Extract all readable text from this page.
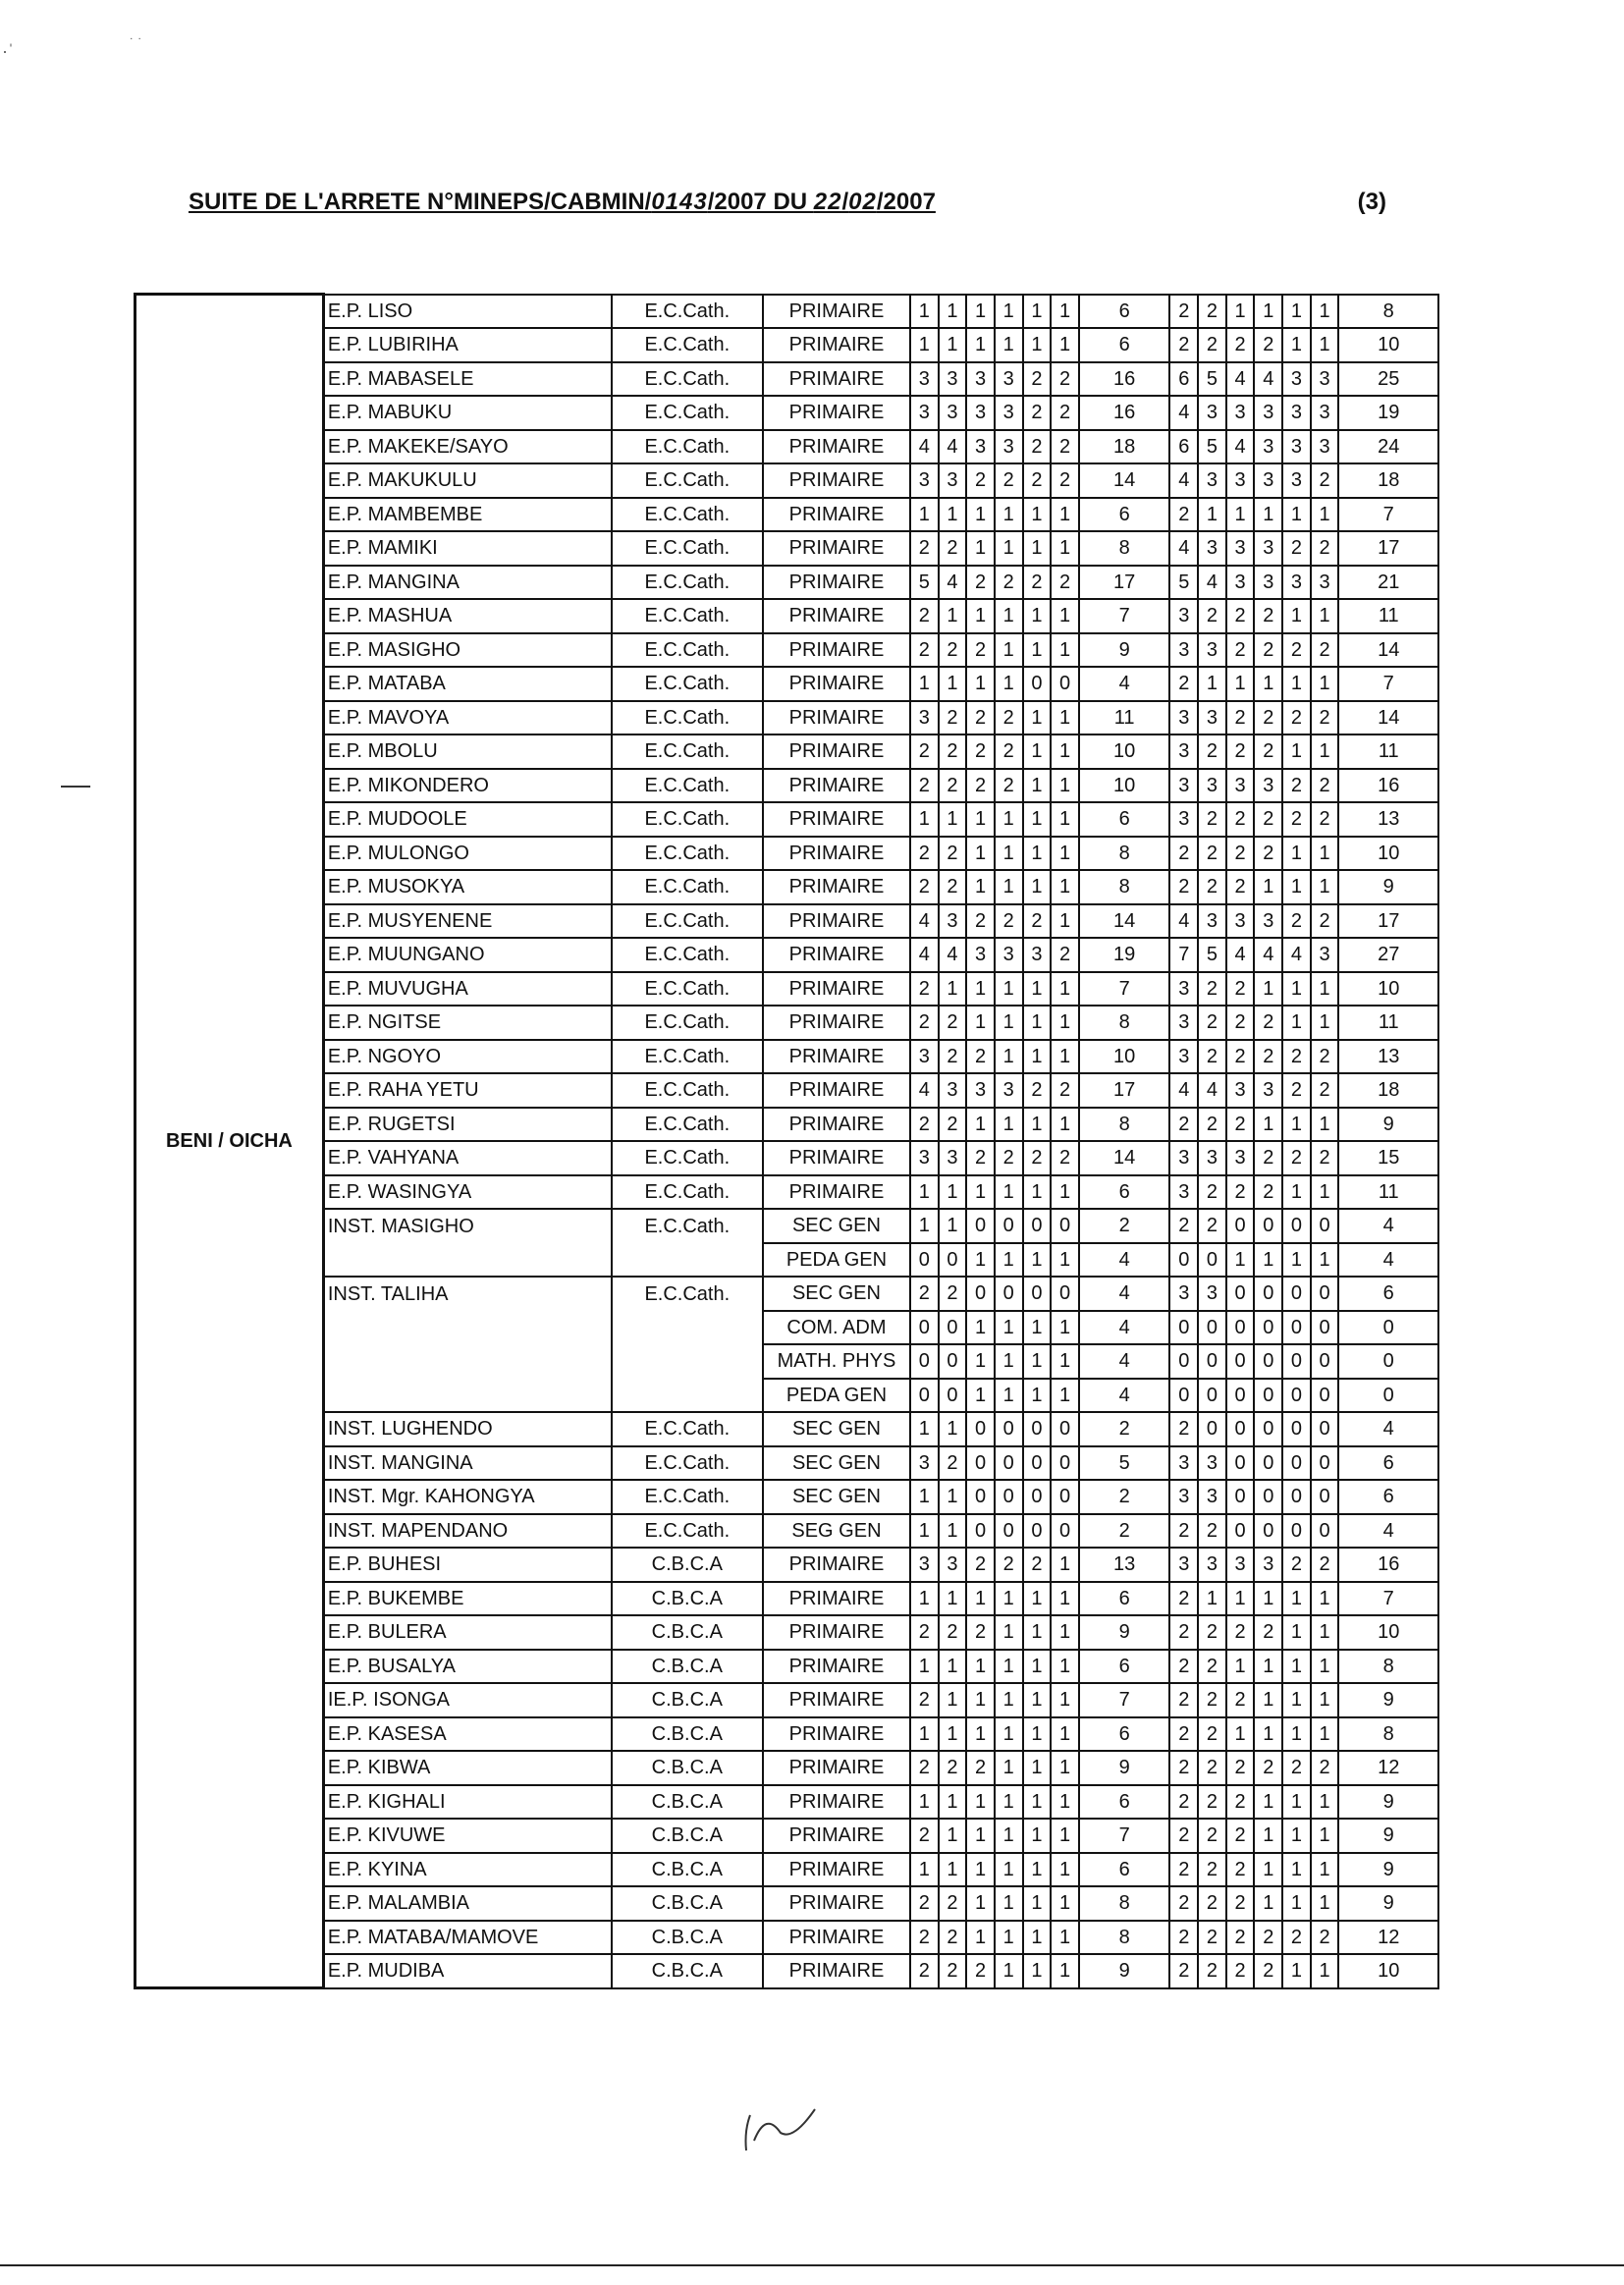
·ˈ	˙ ˙
SUITE DE L'ARRETE N°MINEPS/CABMIN/0143/2007 DU 22/02/2007	(3)
BENI / OICHA	E.P. LISO	E.C.Cath.	PRIMAIRE	1	1	1	1	1	1	6	2	2	1	1	1	1	8
	E.P. LUBIRIHA	E.C.Cath.	PRIMAIRE	1	1	1	1	1	1	6	2	2	2	2	1	1	10
	E.P. MABASELE	E.C.Cath.	PRIMAIRE	3	3	3	3	2	2	16	6	5	4	4	3	3	25
	E.P. MABUKU	E.C.Cath.	PRIMAIRE	3	3	3	3	2	2	16	4	3	3	3	3	3	19
	E.P. MAKEKE/SAYO	E.C.Cath.	PRIMAIRE	4	4	3	3	2	2	18	6	5	4	3	3	3	24
	E.P. MAKUKULU	E.C.Cath.	PRIMAIRE	3	3	2	2	2	2	14	4	3	3	3	3	2	18
	E.P. MAMBEMBE	E.C.Cath.	PRIMAIRE	1	1	1	1	1	1	6	2	1	1	1	1	1	7
	E.P. MAMIKI	E.C.Cath.	PRIMAIRE	2	2	1	1	1	1	8	4	3	3	3	2	2	17
	E.P. MANGINA	E.C.Cath.	PRIMAIRE	5	4	2	2	2	2	17	5	4	3	3	3	3	21
	E.P. MASHUA	E.C.Cath.	PRIMAIRE	2	1	1	1	1	1	7	3	2	2	2	1	1	11
	E.P. MASIGHO	E.C.Cath.	PRIMAIRE	2	2	2	1	1	1	9	3	3	2	2	2	2	14
	E.P. MATABA	E.C.Cath.	PRIMAIRE	1	1	1	1	0	0	4	2	1	1	1	1	1	7
	E.P. MAVOYA	E.C.Cath.	PRIMAIRE	3	2	2	2	1	1	11	3	3	2	2	2	2	14
	E.P. MBOLU	E.C.Cath.	PRIMAIRE	2	2	2	2	1	1	10	3	2	2	2	1	1	11
	E.P. MIKONDERO	E.C.Cath.	PRIMAIRE	2	2	2	2	1	1	10	3	3	3	3	2	2	16
	E.P. MUDOOLE	E.C.Cath.	PRIMAIRE	1	1	1	1	1	1	6	3	2	2	2	2	2	13
	E.P. MULONGO	E.C.Cath.	PRIMAIRE	2	2	1	1	1	1	8	2	2	2	2	1	1	10
	E.P. MUSOKYA	E.C.Cath.	PRIMAIRE	2	2	1	1	1	1	8	2	2	2	1	1	1	9
	E.P. MUSYENENE	E.C.Cath.	PRIMAIRE	4	3	2	2	2	1	14	4	3	3	3	2	2	17
	E.P. MUUNGANO	E.C.Cath.	PRIMAIRE	4	4	3	3	3	2	19	7	5	4	4	4	3	27
	E.P. MUVUGHA	E.C.Cath.	PRIMAIRE	2	1	1	1	1	1	7	3	2	2	1	1	1	10
	E.P. NGITSE	E.C.Cath.	PRIMAIRE	2	2	1	1	1	1	8	3	2	2	2	1	1	11
	E.P. NGOYO	E.C.Cath.	PRIMAIRE	3	2	2	1	1	1	10	3	2	2	2	2	2	13
	E.P. RAHA YETU	E.C.Cath.	PRIMAIRE	4	3	3	3	2	2	17	4	4	3	3	2	2	18
	E.P. RUGETSI	E.C.Cath.	PRIMAIRE	2	2	1	1	1	1	8	2	2	2	1	1	1	9
	E.P. VAHYANA	E.C.Cath.	PRIMAIRE	3	3	2	2	2	2	14	3	3	3	2	2	2	15
	E.P. WASINGYA	E.C.Cath.	PRIMAIRE	1	1	1	1	1	1	6	3	2	2	2	1	1	11
	INST. MASIGHO	E.C.Cath.	SEC GEN	1	1	0	0	0	0	2	2	2	0	0	0	0	4
			PEDA GEN	0	0	1	1	1	1	4	0	0	1	1	1	1	4
	INST. TALIHA	E.C.Cath.	SEC GEN	2	2	0	0	0	0	4	3	3	0	0	0	0	6
			COM. ADM	0	0	1	1	1	1	4	0	0	0	0	0	0	0
			MATH. PHYS	0	0	1	1	1	1	4	0	0	0	0	0	0	0
			PEDA GEN	0	0	1	1	1	1	4	0	0	0	0	0	0	0
	INST. LUGHENDO	E.C.Cath.	SEC GEN	1	1	0	0	0	0	2	2	0	0	0	0	0	4
	INST. MANGINA	E.C.Cath.	SEC GEN	3	2	0	0	0	0	5	3	3	0	0	0	0	6
	INST. Mgr. KAHONGYA	E.C.Cath.	SEC GEN	1	1	0	0	0	0	2	3	3	0	0	0	0	6
	INST. MAPENDANO	E.C.Cath.	SEG GEN	1	1	0	0	0	0	2	2	2	0	0	0	0	4
	E.P. BUHESI	C.B.C.A	PRIMAIRE	3	3	2	2	2	1	13	3	3	3	3	2	2	16
	E.P. BUKEMBE	C.B.C.A	PRIMAIRE	1	1	1	1	1	1	6	2	1	1	1	1	1	7
	E.P. BULERA	C.B.C.A	PRIMAIRE	2	2	2	1	1	1	9	2	2	2	2	1	1	10
	E.P. BUSALYA	C.B.C.A	PRIMAIRE	1	1	1	1	1	1	6	2	2	1	1	1	1	8
	IE.P. ISONGA	C.B.C.A	PRIMAIRE	2	1	1	1	1	1	7	2	2	2	1	1	1	9
	E.P. KASESA	C.B.C.A	PRIMAIRE	1	1	1	1	1	1	6	2	2	1	1	1	1	8
	E.P. KIBWA	C.B.C.A	PRIMAIRE	2	2	2	1	1	1	9	2	2	2	2	2	2	12
	E.P. KIGHALI	C.B.C.A	PRIMAIRE	1	1	1	1	1	1	6	2	2	2	1	1	1	9
	E.P. KIVUWE	C.B.C.A	PRIMAIRE	2	1	1	1	1	1	7	2	2	2	1	1	1	9
	E.P. KYINA	C.B.C.A	PRIMAIRE	1	1	1	1	1	1	6	2	2	2	1	1	1	9
	E.P. MALAMBIA	C.B.C.A	PRIMAIRE	2	2	1	1	1	1	8	2	2	2	1	1	1	9
	E.P. MATABA/MAMOVE	C.B.C.A	PRIMAIRE	2	2	1	1	1	1	8	2	2	2	2	2	2	12
	E.P. MUDIBA	C.B.C.A	PRIMAIRE	2	2	2	1	1	1	9	2	2	2	2	1	1	10
